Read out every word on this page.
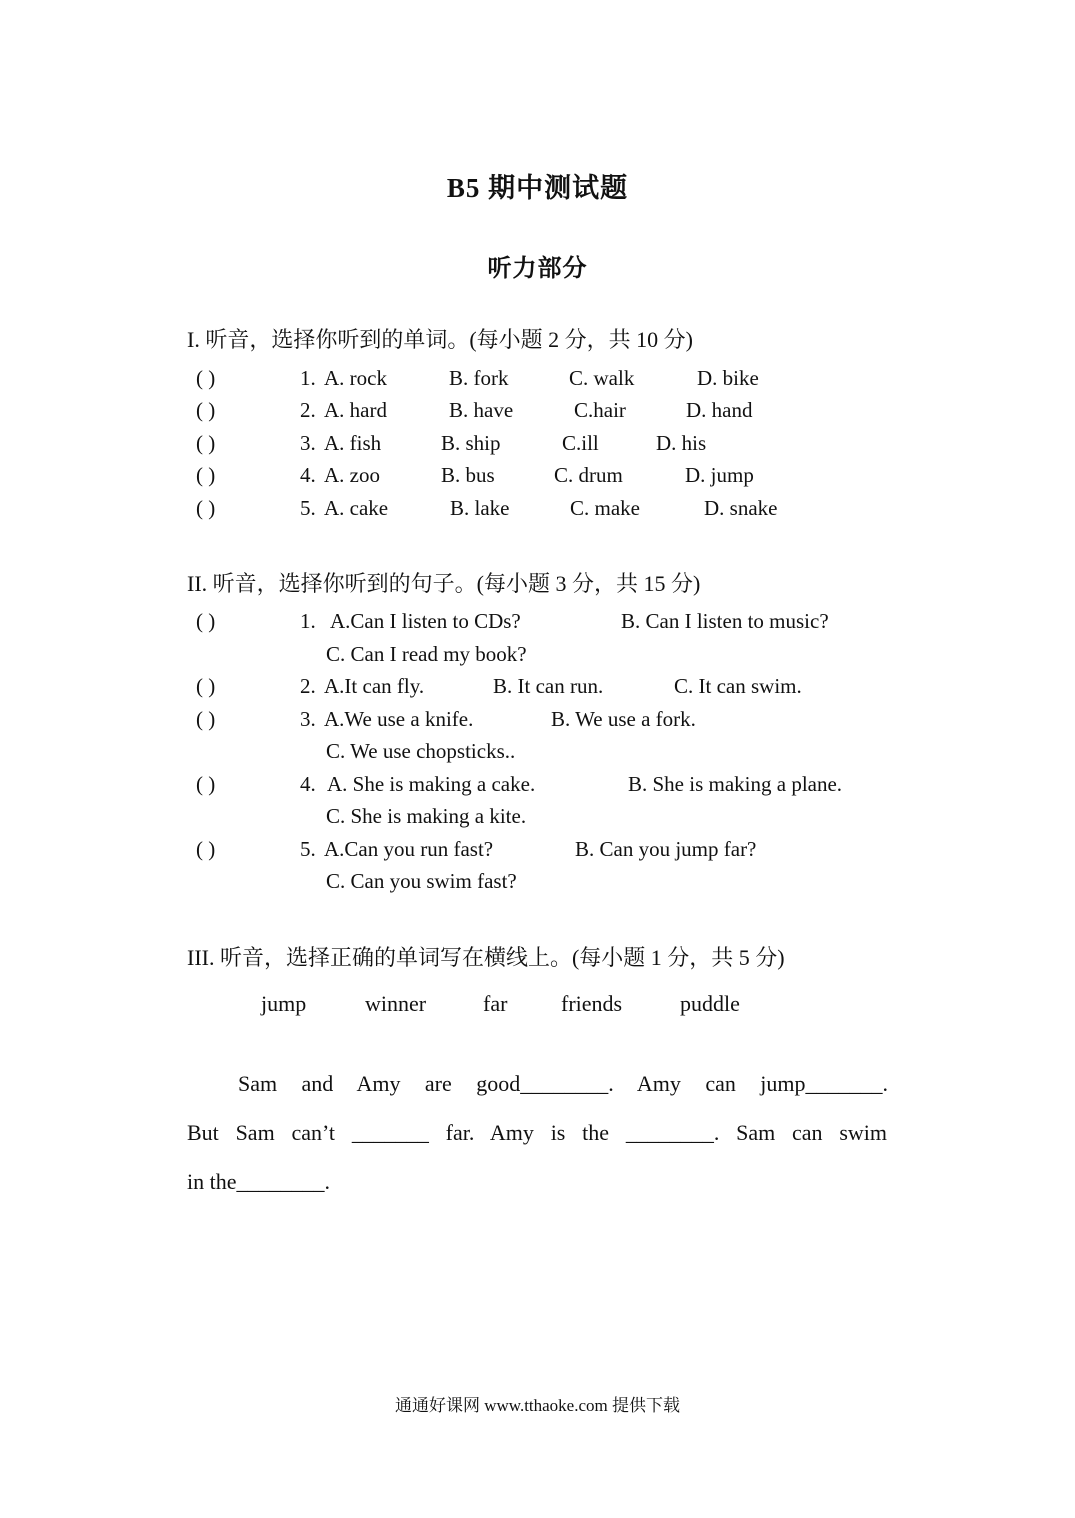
B5 期中测试题
听力部分
I. 听音，选择你听到的单词。(每小题 2 分，共 10 分)
( )	1. A. rock	B. fork	C. walk	D. bike
( )	2. A. hard	B. have	C.hair	D. hand
( )	3. A. fish	B. ship	C.ill	D. his
( )	4. A. zoo	B. bus	C. drum	D. jump
( )	5. A. cake	B. lake	C. make	D. snake
II. 听音，选择你听到的句子。(每小题 3 分，共 15 分)
( )	1. A.Can I listen to CDs?	B. Can I listen to music?
C. Can I read my book?
( )	2. A.It can fly.	B. It can run.	C. It can swim.
( )	3. A.We use a knife.	B. We use a fork.
C. We use chopsticks..
( )	4. A. She is making a cake.	B. She is making a plane.
C. She is making a kite.
( )	5. A.Can you run fast?	B. Can you jump far?
C. Can you swim fast?
III. 听音，选择正确的单词写在横线上。(每小题 1 分，共 5 分)
jump	winner	far friends	puddle
Sam and Amy are good________. Amy can jump_______.
But Sam can’t _______ far. Amy is the ________. Sam can swim
in the________.
通通好课网 www.tthaoke.com 提供下载
